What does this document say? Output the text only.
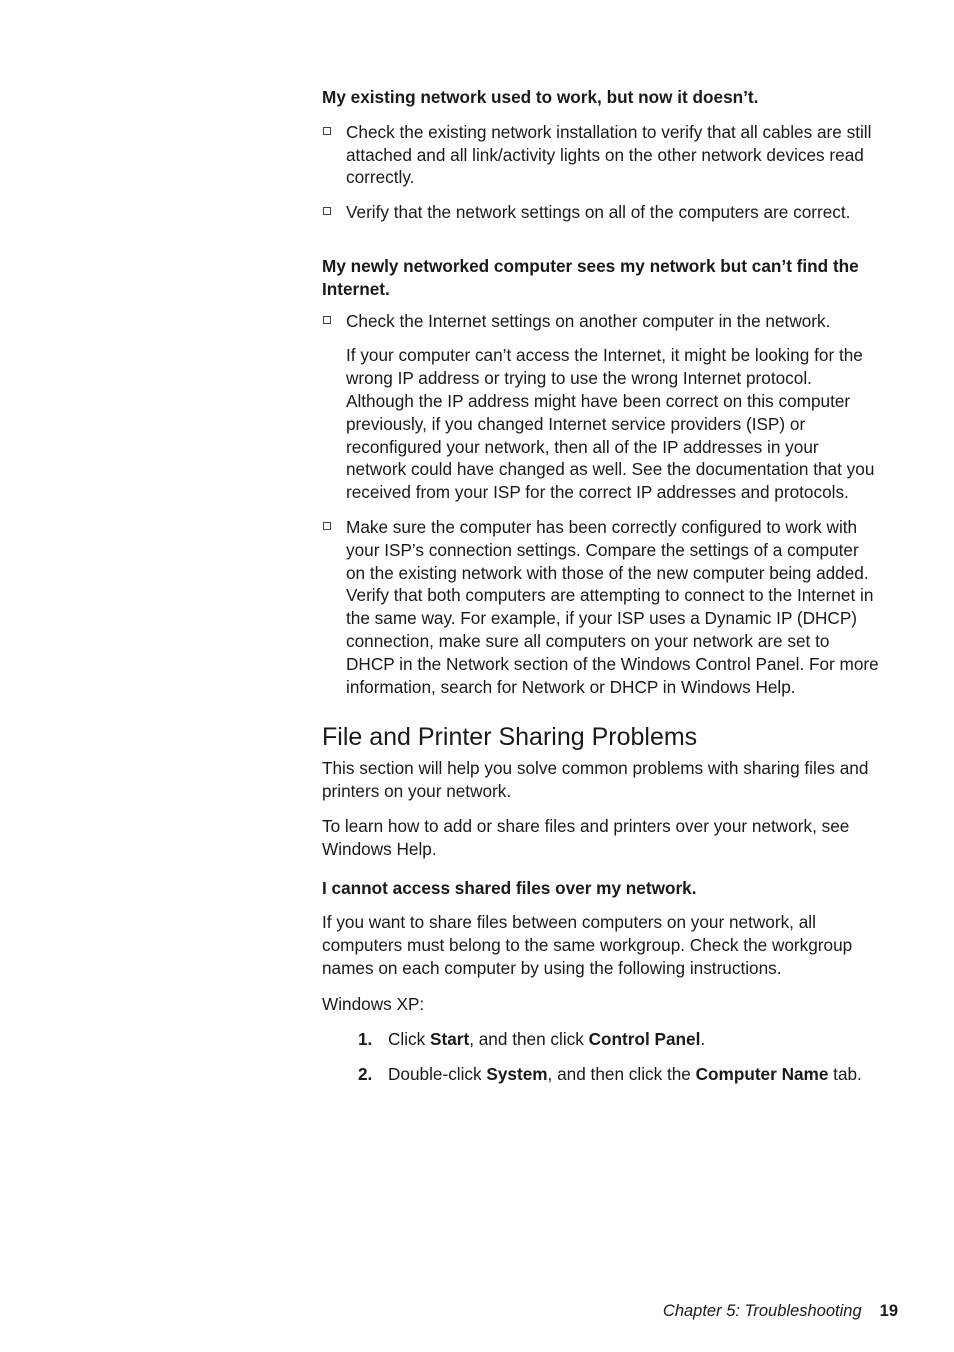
My existing network used to work, but now it doesn’t.

Check the existing network installation to verify that all cables are still attached and all link/activity lights on the other network devices read correctly.
Verify that the network settings on all of the computers are correct.

My newly networked computer sees my network but can’t find the Internet.

Check the Internet settings on another computer in the network.
If your computer can’t access the Internet, it might be looking for the wrong IP address or trying to use the wrong Internet protocol. Although the IP address might have been correct on this computer previously, if you changed Internet service providers (ISP) or reconfigured your network, then all of the IP addresses in your network could have changed as well. See the documentation that you received from your ISP for the correct IP addresses and protocols.
Make sure the computer has been correctly configured to work with your ISP’s connection settings. Compare the settings of a computer on the existing network with those of the new computer being added. Verify that both computers are attempting to connect to the Internet in the same way. For example, if your ISP uses a Dynamic IP (DHCP) connection, make sure all computers on your network are set to DHCP in the Network section of the Windows Control Panel. For more information, search for Network or DHCP in Windows Help.
File and Printer Sharing Problems
This section will help you solve common problems with sharing files and printers on your network.
To learn how to add or share files and printers over your network, see Windows Help.
I cannot access shared files over my network.
If you want to share files between computers on your network, all computers must belong to the same workgroup. Check the workgroup names on each computer by using the following instructions.
Windows XP:
1. Click Start, and then click Control Panel.
2. Double-click System, and then click the Computer Name tab.
Chapter 5: Troubleshooting 19
